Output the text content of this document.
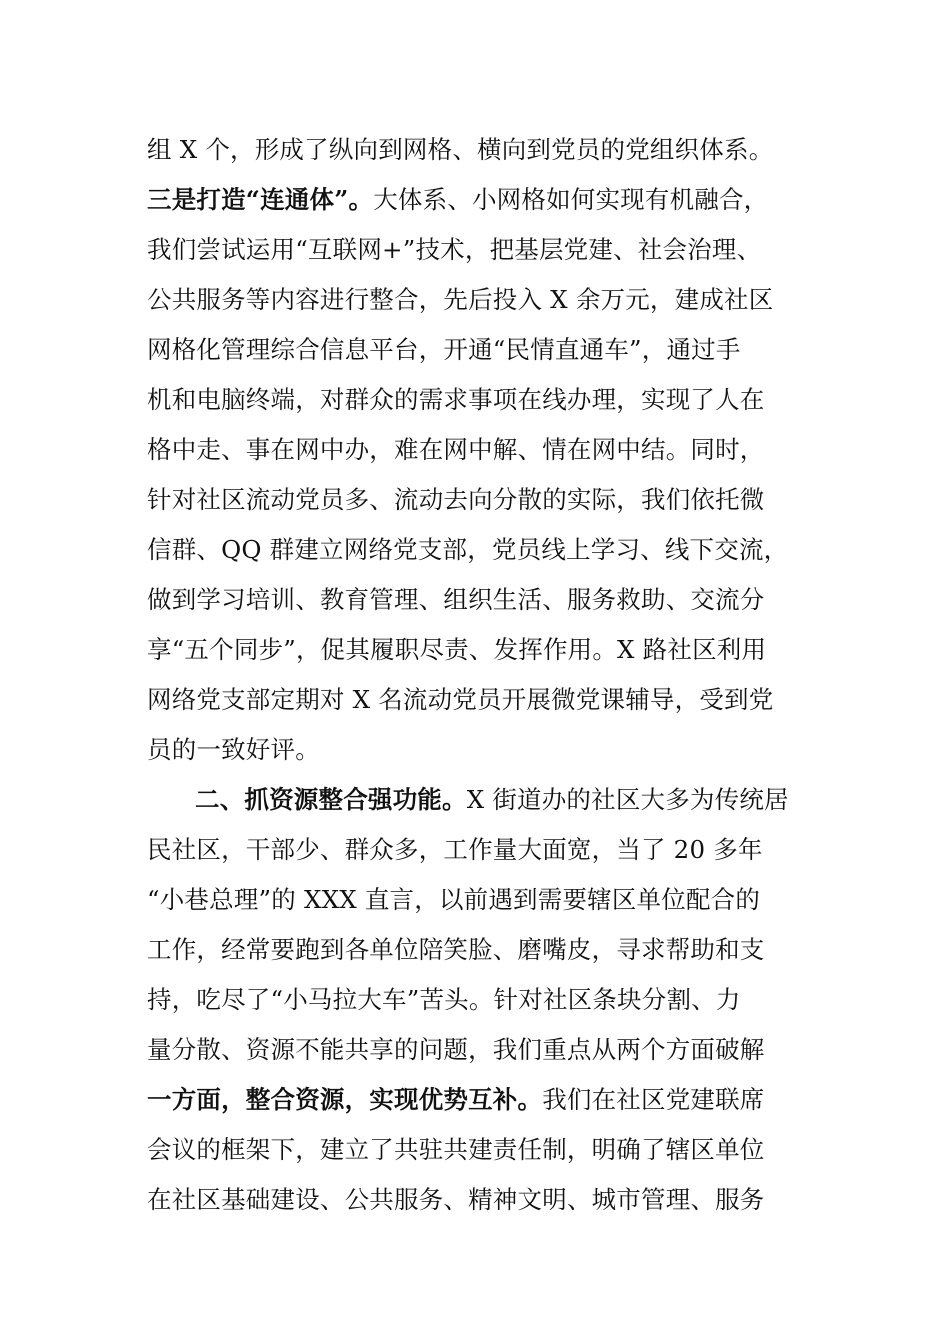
组 X 个，形成了纵向到网格、横向到党员的党组织体系。
三是打造“连通体”。大体系、小网格如何实现有机融合，
我们尝试运用“互联网+”技术，把基层党建、社会治理、
公共服务等内容进行整合，先后投入 X 余万元，建成社区
网格化管理综合信息平台，开通“民情直通车”，通过手
机和电脑终端，对群众的需求事项在线办理，实现了人在
格中走、事在网中办，难在网中解、情在网中结。同时，
针对社区流动党员多、流动去向分散的实际，我们依托微
信群、QQ 群建立网络党支部，党员线上学习、线下交流，
做到学习培训、教育管理、组织生活、服务救助、交流分
享“五个同步”，促其履职尽责、发挥作用。X 路社区利用
网络党支部定期对 X 名流动党员开展微党课辅导，受到党
员的一致好评。
二、抓资源整合强功能。X 街道办的社区大多为传统居
民社区，干部少、群众多，工作量大面宽，当了 20 多年
“小巷总理”的 XXX 直言，以前遇到需要辖区单位配合的
工作，经常要跑到各单位陪笑脸、磨嘴皮，寻求帮助和支
持，吃尽了“小马拉大车”苦头。针对社区条块分割、力
量分散、资源不能共享的问题，我们重点从两个方面破解
一方面，整合资源，实现优势互补。我们在社区党建联席
会议的框架下，建立了共驻共建责任制，明确了辖区单位
在社区基础建设、公共服务、精神文明、城市管理、服务
